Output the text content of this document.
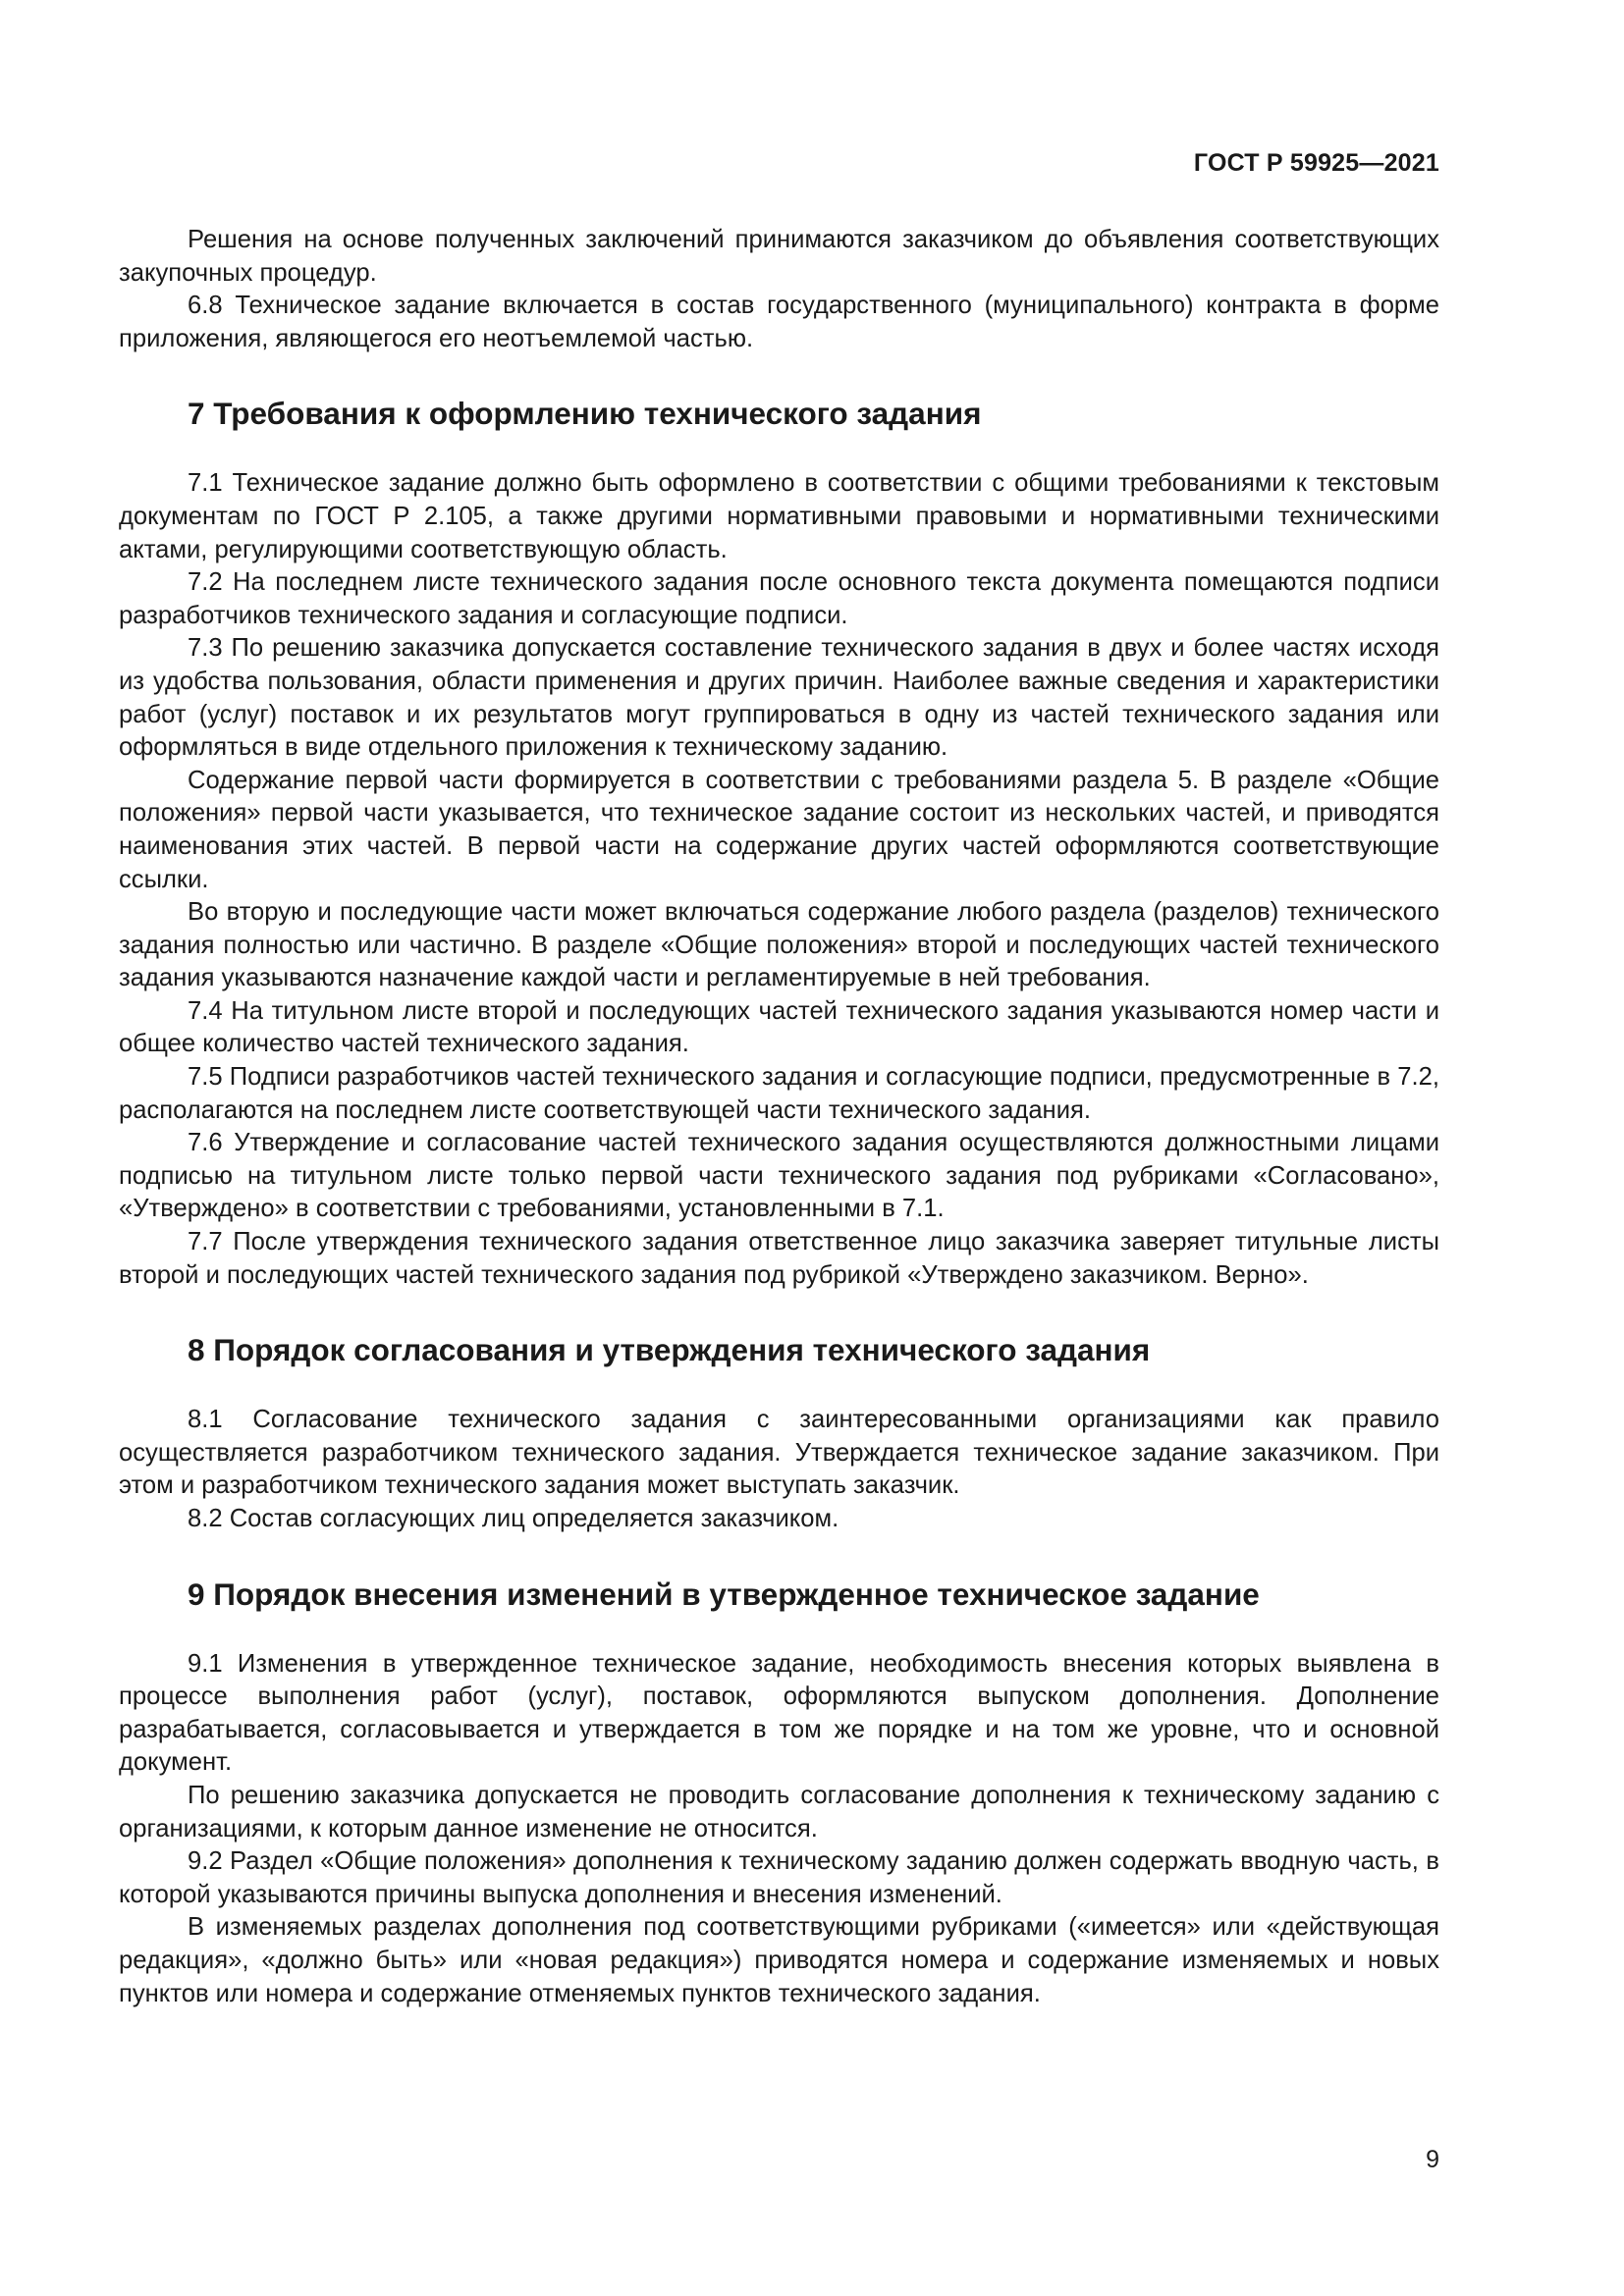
ГОСТ Р 59925—2021

Решения на основе полученных заключений принимаются заказчиком до объявления соответствующих закупочных процедур.

6.8 Техническое задание включается в состав государственного (муниципального) контракта в форме приложения, являющегося его неотъемлемой частью.

7 Требования к оформлению технического задания

7.1 Техническое задание должно быть оформлено в соответствии с общими требованиями к текстовым документам по ГОСТ Р 2.105, а также другими нормативными правовыми и нормативными техническими актами, регулирующими соответствующую область.

7.2 На последнем листе технического задания после основного текста документа помещаются подписи разработчиков технического задания и согласующие подписи.

7.3 По решению заказчика допускается составление технического задания в двух и более частях исходя из удобства пользования, области применения и других причин. Наиболее важные сведения и характеристики работ (услуг) поставок и их результатов могут группироваться в одну из частей технического задания или оформляться в виде отдельного приложения к техническому заданию.

Содержание первой части формируется в соответствии с требованиями раздела 5. В разделе «Общие положения» первой части указывается, что техническое задание состоит из нескольких частей, и приводятся наименования этих частей. В первой части на содержание других частей оформляются соответствующие ссылки.

Во вторую и последующие части может включаться содержание любого раздела (разделов) технического задания полностью или частично. В разделе «Общие положения» второй и последующих частей технического задания указываются назначение каждой части и регламентируемые в ней требования.

7.4 На титульном листе второй и последующих частей технического задания указываются номер части и общее количество частей технического задания.

7.5 Подписи разработчиков частей технического задания и согласующие подписи, предусмотренные в 7.2, располагаются на последнем листе соответствующей части технического задания.

7.6 Утверждение и согласование частей технического задания осуществляются должностными лицами подписью на титульном листе только первой части технического задания под рубриками «Согласовано», «Утверждено» в соответствии с требованиями, установленными в 7.1.

7.7 После утверждения технического задания ответственное лицо заказчика заверяет титульные листы второй и последующих частей технического задания под рубрикой «Утверждено заказчиком. Верно».

8 Порядок согласования и утверждения технического задания

8.1 Согласование технического задания с заинтересованными организациями как правило осуществляется разработчиком технического задания. Утверждается техническое задание заказчиком. При этом и разработчиком технического задания может выступать заказчик.

8.2 Состав согласующих лиц определяется заказчиком.

9 Порядок внесения изменений в утвержденное техническое задание

9.1 Изменения в утвержденное техническое задание, необходимость внесения которых выявлена в процессе выполнения работ (услуг), поставок, оформляются выпуском дополнения. Дополнение разрабатывается, согласовывается и утверждается в том же порядке и на том же уровне, что и основной документ.

По решению заказчика допускается не проводить согласование дополнения к техническому заданию с организациями, к которым данное изменение не относится.

9.2 Раздел «Общие положения» дополнения к техническому заданию должен содержать вводную часть, в которой указываются причины выпуска дополнения и внесения изменений.

В изменяемых разделах дополнения под соответствующими рубриками («имеется» или «действующая редакция», «должно быть» или «новая редакция») приводятся номера и содержание изменяемых и новых пунктов или номера и содержание отменяемых пунктов технического задания.

9
